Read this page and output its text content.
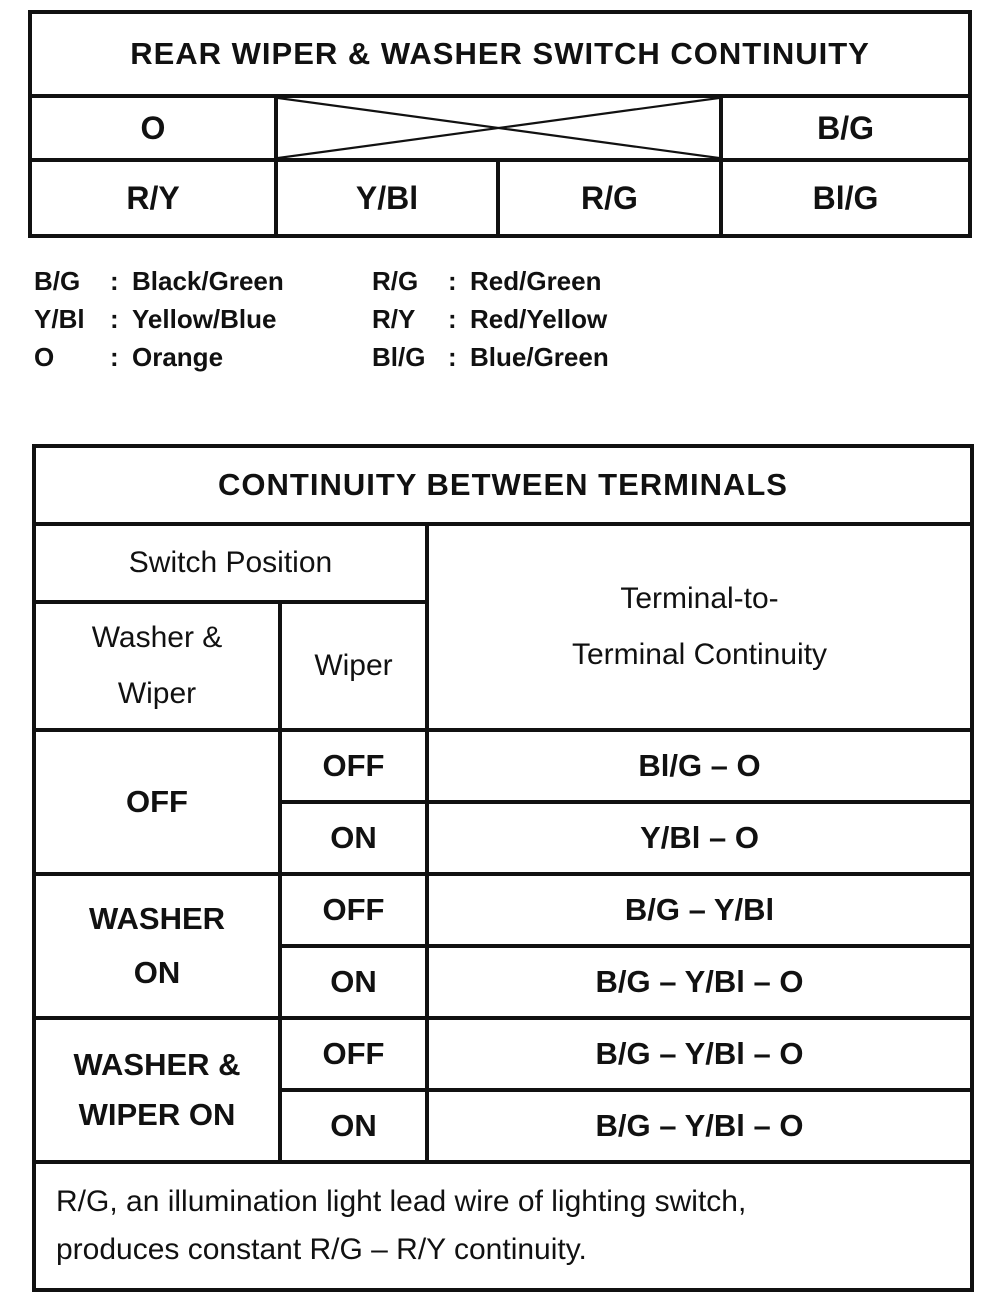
REAR WIPER & WASHER SWITCH CONTINUITY			
O			B/G
R/Y	Y/Bl	R/G	Bl/G
B/G : Black/Green
Y/Bl : Yellow/Blue
O : Orange
R/G : Red/Green
R/Y : Red/Yellow
Bl/G : Blue/Green
CONTINUITY BETWEEN TERMINALS		
Switch Position		Terminal-to-
Terminal Continuity
Washer &
Wiper	Wiper	
OFF	OFF	Bl/G – O
	ON	Y/Bl – O
WASHER
ON	OFF	B/G – Y/Bl
	ON	B/G – Y/Bl – O
WASHER &
WIPER ON	OFF	B/G – Y/Bl – O
	ON	B/G – Y/Bl – O
R/G, an illumination light lead wire of lighting switch,
produces constant R/G – R/Y continuity.		
